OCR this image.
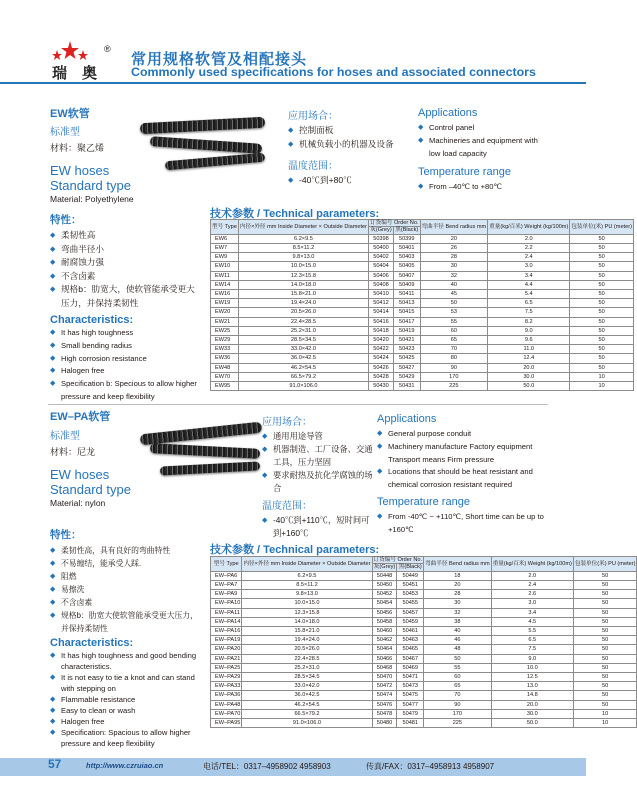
瑞 奥
®
常用规格软管及相配接头
Commonly used specifications for hoses and associated connectors
EW软管
标准型
材料：聚乙烯
EW hoses
Standard type
Material: Polyethylene
特性：
◆ 柔韧性高
◆ 弯曲半径小
◆ 耐腐蚀力强
◆ 不含卤素
◆ 规格b：肋宽大，使软管能承受更大压力，并保持柔韧性
Characteristics:
◆ It has high toughness
◆ Small bending radius
◆ High corrosion resistance
◆ Halogen free
◆ Specification b: Specious to allow higher pressure and keep flexibility
应用场合：
◆ 控制面板
◆ 机械负载小的机器及设备
温度范围：
◆ -40℃到+80℃
Applications
◆ Control panel
◆ Machineries and equipment with low load capacity
Temperature range
◆ From –40℃ to +80℃
技术参数 / Technical parameters:
型号 Type	内径×外径 mm Inside Diameter × Outside Diameter	订货编号 Order No.		弯曲半径 Bend radius mm	重量(kg/百米) Weight (kg/100m)	包装单位(米) PU (meter)
		灰(Grey)	黑(Black)			
EW6	6.2×9.5	50398	50399	20	2.0	50
EW7	8.5×11.2	50400	50401	26	2.2	50
EW9	9.8×13.0	50402	50403	28	2.4	50
EW10	10.0×15.0	50404	50405	30	3.0	50
EW11	12.3×15.8	50406	50407	32	3.4	50
EW14	14.0×18.0	50408	50409	40	4.4	50
EW16	15.8×21.0	50410	50411	45	5.4	50
EW19	19.4×24.0	50412	50413	50	6.5	50
EW20	20.5×26.0	50414	50415	53	7.5	50
EW21	22.4×28.5	50416	50417	55	8.2	50
EW25	25.2×31.0	50418	50419	60	9.0	50
EW29	28.5×34.5	50420	50421	65	9.6	50
EW33	33.0×42.0	50422	50423	70	11.0	50
EW36	36.0×42.5	50424	50425	80	12.4	50
EW48	46.2×54.5	50426	50427	90	20.0	50
EW70	66.5×79.2	50428	50429	170	30.0	10
EW95	91.0×106.0	50430	50431	225	50.0	10
EW–PA软管
标准型
材料：尼龙
EW hoses
Standard type
Material: nylon
特性：
◆ 柔韧性高，具有良好的弯曲特性
◆ 不易缠结，能承受人踩.
◆ 阻燃
◆ 易擦洗
◆ 不含卤素
◆ 规格b：肋宽大使软管能承受更大压力，并保持柔韧性
Characteristics:
◆ It has high toughness and good bending characteristics.
◆ It is not easy to tie a knot and can stand with stepping on
◆ Flammable resistance
◆ Easy to clean or wash
◆ Halogen free
◆ Specification: Spacious to allow higher pressure and keep flexibility
应用场合：
◆ 通用用途导管
◆ 机器制造、工厂设备、交通工具，压力坚固
◆ 要求耐热及抗化学腐蚀的场合
温度范围：
◆ -40℃到+110℃，短时间可到+160℃
Applications
◆ General purpose conduit
◆ Machinery manufacture Factory equipment Transport means Firm pressure
◆ Locations that should be heat resistant and chemical corrosion resistant required
Temperature range
◆ From -40℃ ~ +110℃, Short time can be up to +160℃
技术参数 / Technical parameters:
型号 Type	内径×外径 mm Inside Diameter × Outside Diameter	订货编号 Order No.		弯曲半径 Bend radius mm	重量(kg/百米) Weight (kg/100m)	包装单位(米) PU (meter)
		灰(Grey)	黑(Black)			
EW–PA6	6.2×9.5	50448	50449	18	2.0	50
EW–PA7	8.5×11.2	50450	50451	20	2.4	50
EW–PA9	9.8×13.0	50452	50453	28	2.6	50
EW–PA10	10.0×15.0	50454	50455	30	3.0	50
EW–PA11	12.3×15.8	50456	50457	32	3.4	50
EW–PA14	14.0×18.0	50458	50459	38	4.5	50
EW–PA16	15.8×21.0	50460	50461	40	5.5	50
EW–PA19	19.4×24.0	50462	50463	46	6.5	50
EW–PA20	20.5×26.0	50464	50465	48	7.5	50
EW–PA21	22.4×28.5	50466	50467	50	9.0	50
EW–PA25	25.2×31.0	50468	50469	55	10.0	50
EW–PA29	28.5×34.5	50470	50471	60	12.5	50
EW–PA33	33.0×42.0	50472	50473	65	13.0	50
EW–PA36	36.0×42.5	50474	50475	70	14.8	50
EW–PA48	46.2×54.5	50476	50477	90	20.0	50
EW–PA70	66.5×79.2	50478	50479	170	30.0	10
EW–PA95	91.0×106.0	50480	50481	225	50.0	10
57	http://www.czruiao.cn	电话/TEL：0317–4958902 4958903	传真/FAX：0317–4958913 4958907
